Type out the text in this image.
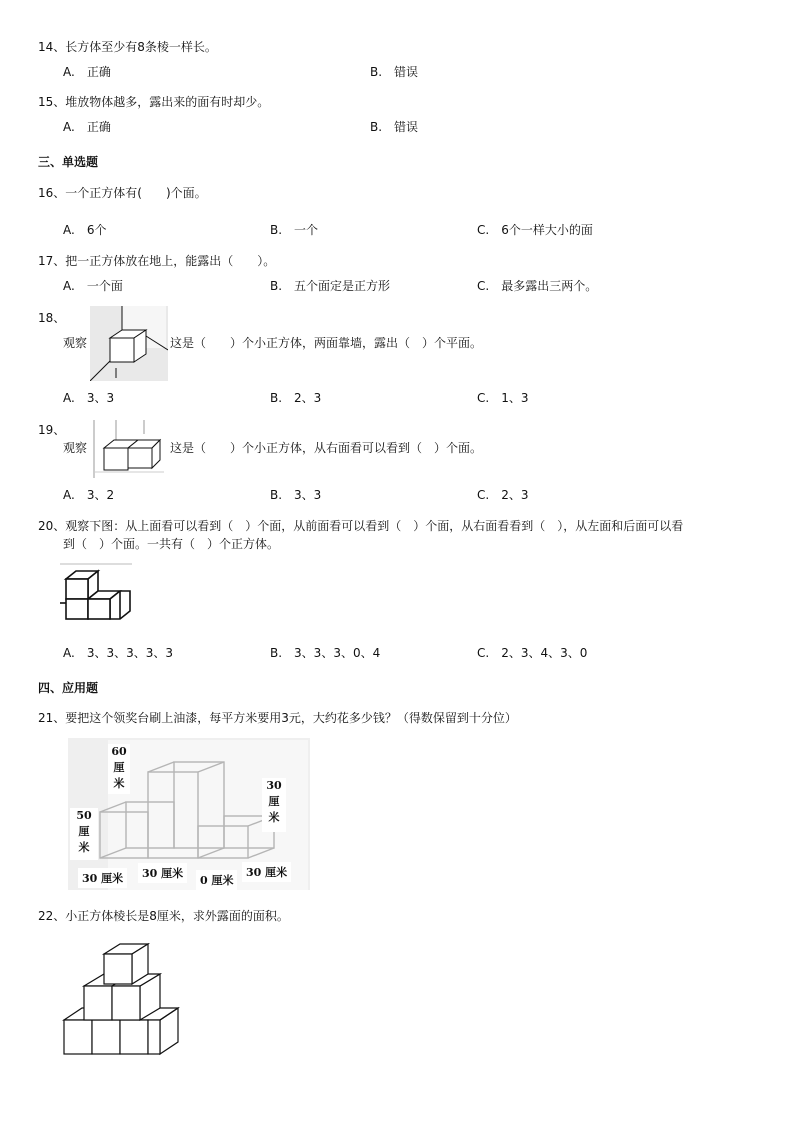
14、长方体至少有8条棱一样长。
A.　正确	B.　错误
15、堆放物体越多，露出来的面有时却少。
A.　正确	B.　错误
三、单选题
16、一个正方体有(　　)个面。
A.　6个	B.　一个	C.　6个一样大小的面
17、把一正方体放在地上，能露出（　　）。
A.　一个面	B.　五个面定是正方形	C.　最多露出三两个。
18、
观察	这是（　　）个小正方体，两面靠墙，露出（　）个平面。
A.　3、3	B.　2、3	C.　1、3
19、
观察	这是（　　）个小正方体，从右面看可以看到（　）个面。
A.　3、2	B.　3、3	C.　2、3
20、观察下图：从上面看可以看到（　）个面，从前面看可以看到（　）个面，从右面看看到（　），从左面和后面可以看
到（　）个面。一共有（　）个正方体。
A.　3、3、3、3、3	B.　3、3、3、0、4	C.　2、3、4、3、0
四、应用题
21、要把这个领奖台刷上油漆，每平方米要用3元，大约花多少钱？（得数保留到十分位）
60
厘
米	30
厘
米
50
厘
米
30 厘米	30 厘米
0 厘米
30 厘米
22、小正方体棱长是8厘米，求外露面的面积。
